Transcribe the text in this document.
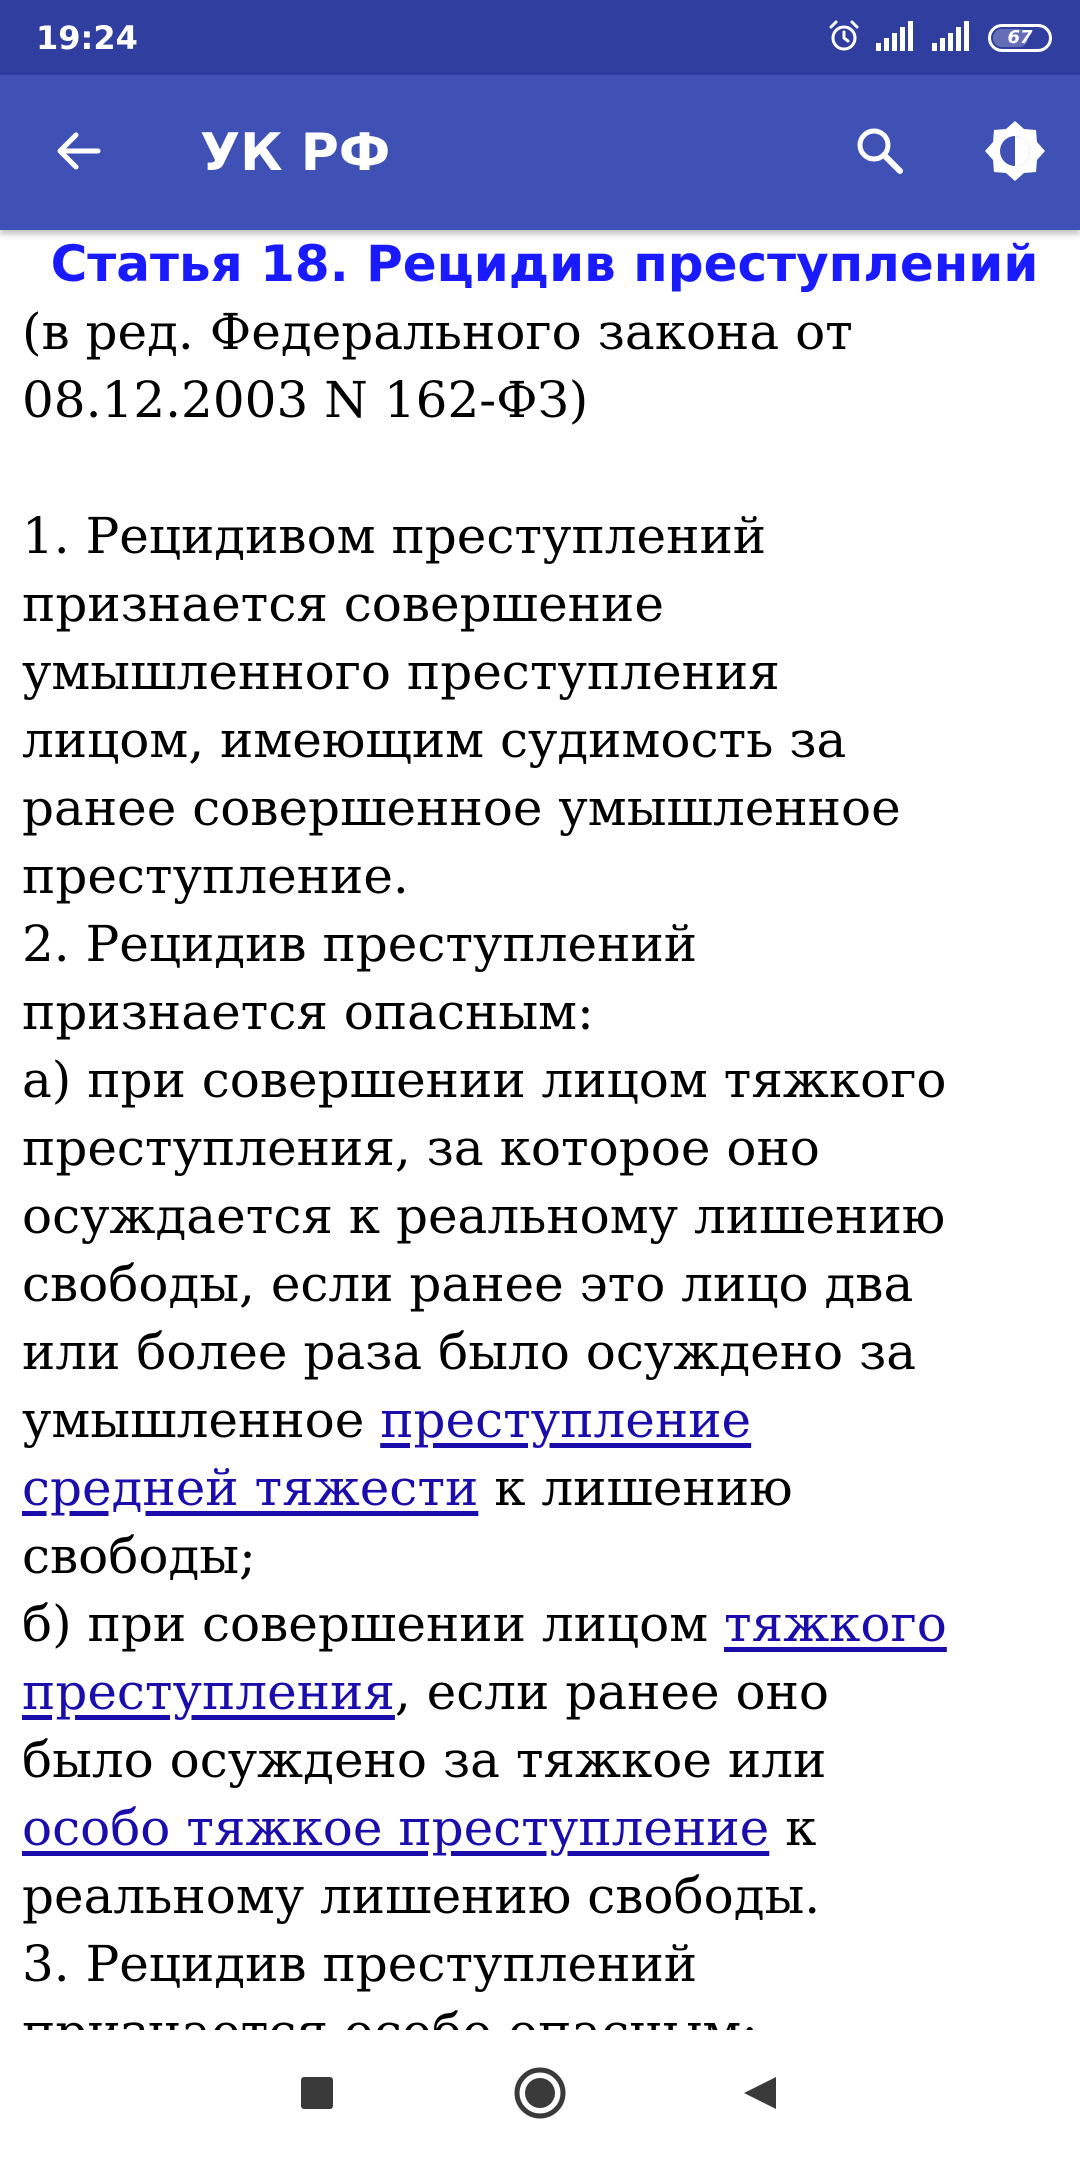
19:24	67
УК РФ
Статья 18. Рецидив преступлений
(в ред. Федерального закона от
08.12.2003 N 162-ФЗ)
1. Рецидивом преступлений
признается совершение
умышленного преступления
лицом, имеющим судимость за
ранее совершенное умышленное
преступление.
2. Рецидив преступлений
признается опасным:
а) при совершении лицом тяжкого
преступления, за которое оно
осуждается к реальному лишению
свободы, если ранее это лицо два
или более раза было осуждено за
умышленное преступление
средней тяжести к лишению
свободы;
б) при совершении лицом тяжкого
преступления, если ранее оно
было осуждено за тяжкое или
особо тяжкое преступление к
реальному лишению свободы.
3. Рецидив преступлений
